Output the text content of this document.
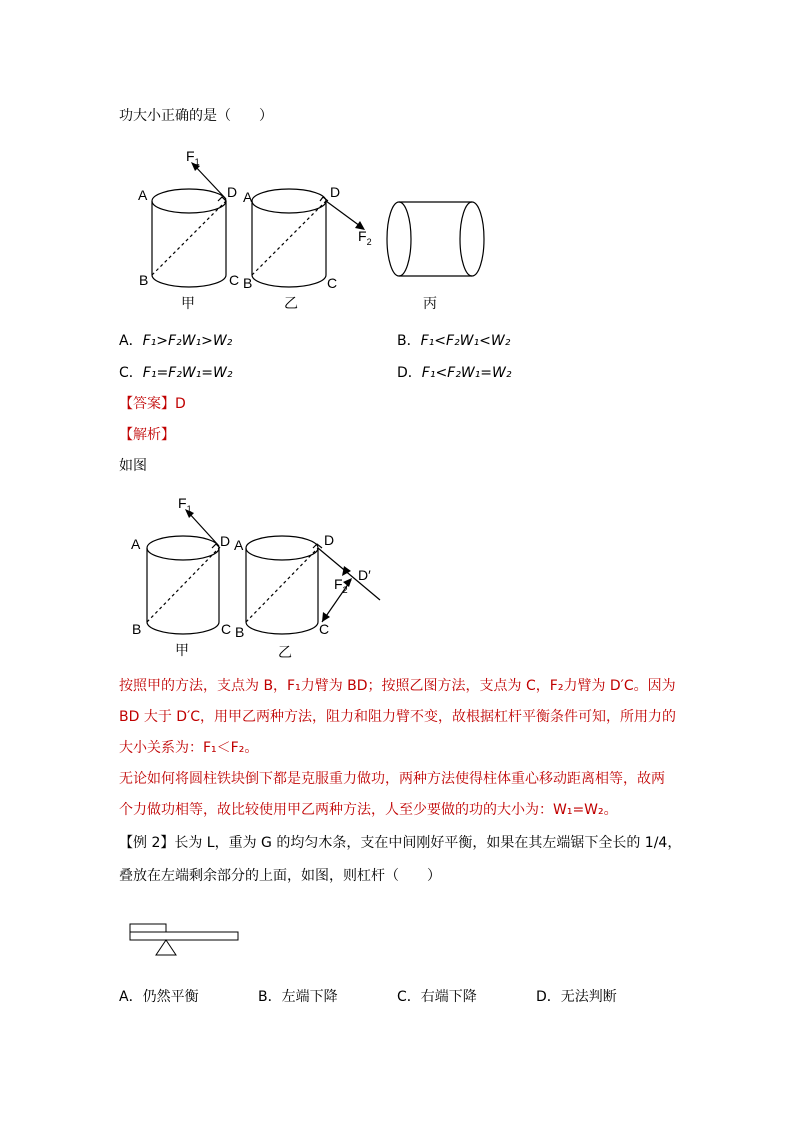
功大小正确的是（　　）
$F_1$
A	D
B	C
A	D
B	C
$F_2$
甲	乙	丙
A．F₁>F₂W₁>W₂	B．F₁<F₂W₁<W₂
C．F₁=F₂W₁=W₂	D．F₁<F₂W₁=W₂
【答案】D
【解析】
如图
$F_1$
A	D
B	C
A	D
B	C
D′
$F_2$
甲	乙
按照甲的方法，支点为 B，F₁力臂为 BD；按照乙图方法，支点为 C，F₂力臂为 D′C。因为
BD 大于 D′C，用甲乙两种方法，阻力和阻力臂不变，故根据杠杆平衡条件可知，所用力的
大小关系为：F₁＜F₂。
无论如何将圆柱铁块倒下都是克服重力做功，两种方法使得柱体重心移动距离相等，故两
个力做功相等，故比较使用甲乙两种方法，人至少要做的功的大小为：W₁=W₂。
【例 2】长为 L，重为 G 的均匀木条，支在中间刚好平衡，如果在其左端锯下全长的 1/4，
叠放在左端剩余部分的上面，如图，则杠杆（　　）
A．仍然平衡	B．左端下降	C．右端下降	D．无法判断
